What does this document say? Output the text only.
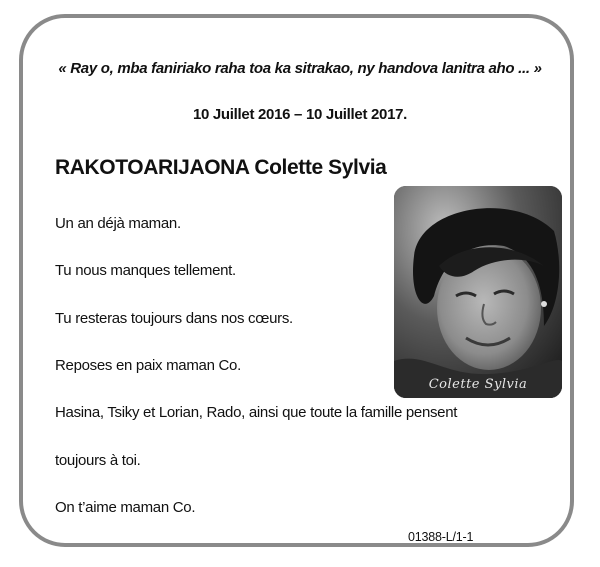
« Ray o, mba faniriako raha toa ka sitrakao, ny handova lanitra aho ... »
10 Juillet 2016 – 10 Juillet 2017.
RAKOTOARIJAONA Colette Sylvia
Un an déjà maman.
Tu nous manques tellement.
Tu resteras toujours dans nos cœurs.
Reposes en paix maman Co.
Hasina, Tsiky et Lorian, Rado, ainsi que toute la famille pensent
toujours à toi.
On t’aime maman Co.
Colette Sylvia
01388-L/1-1
